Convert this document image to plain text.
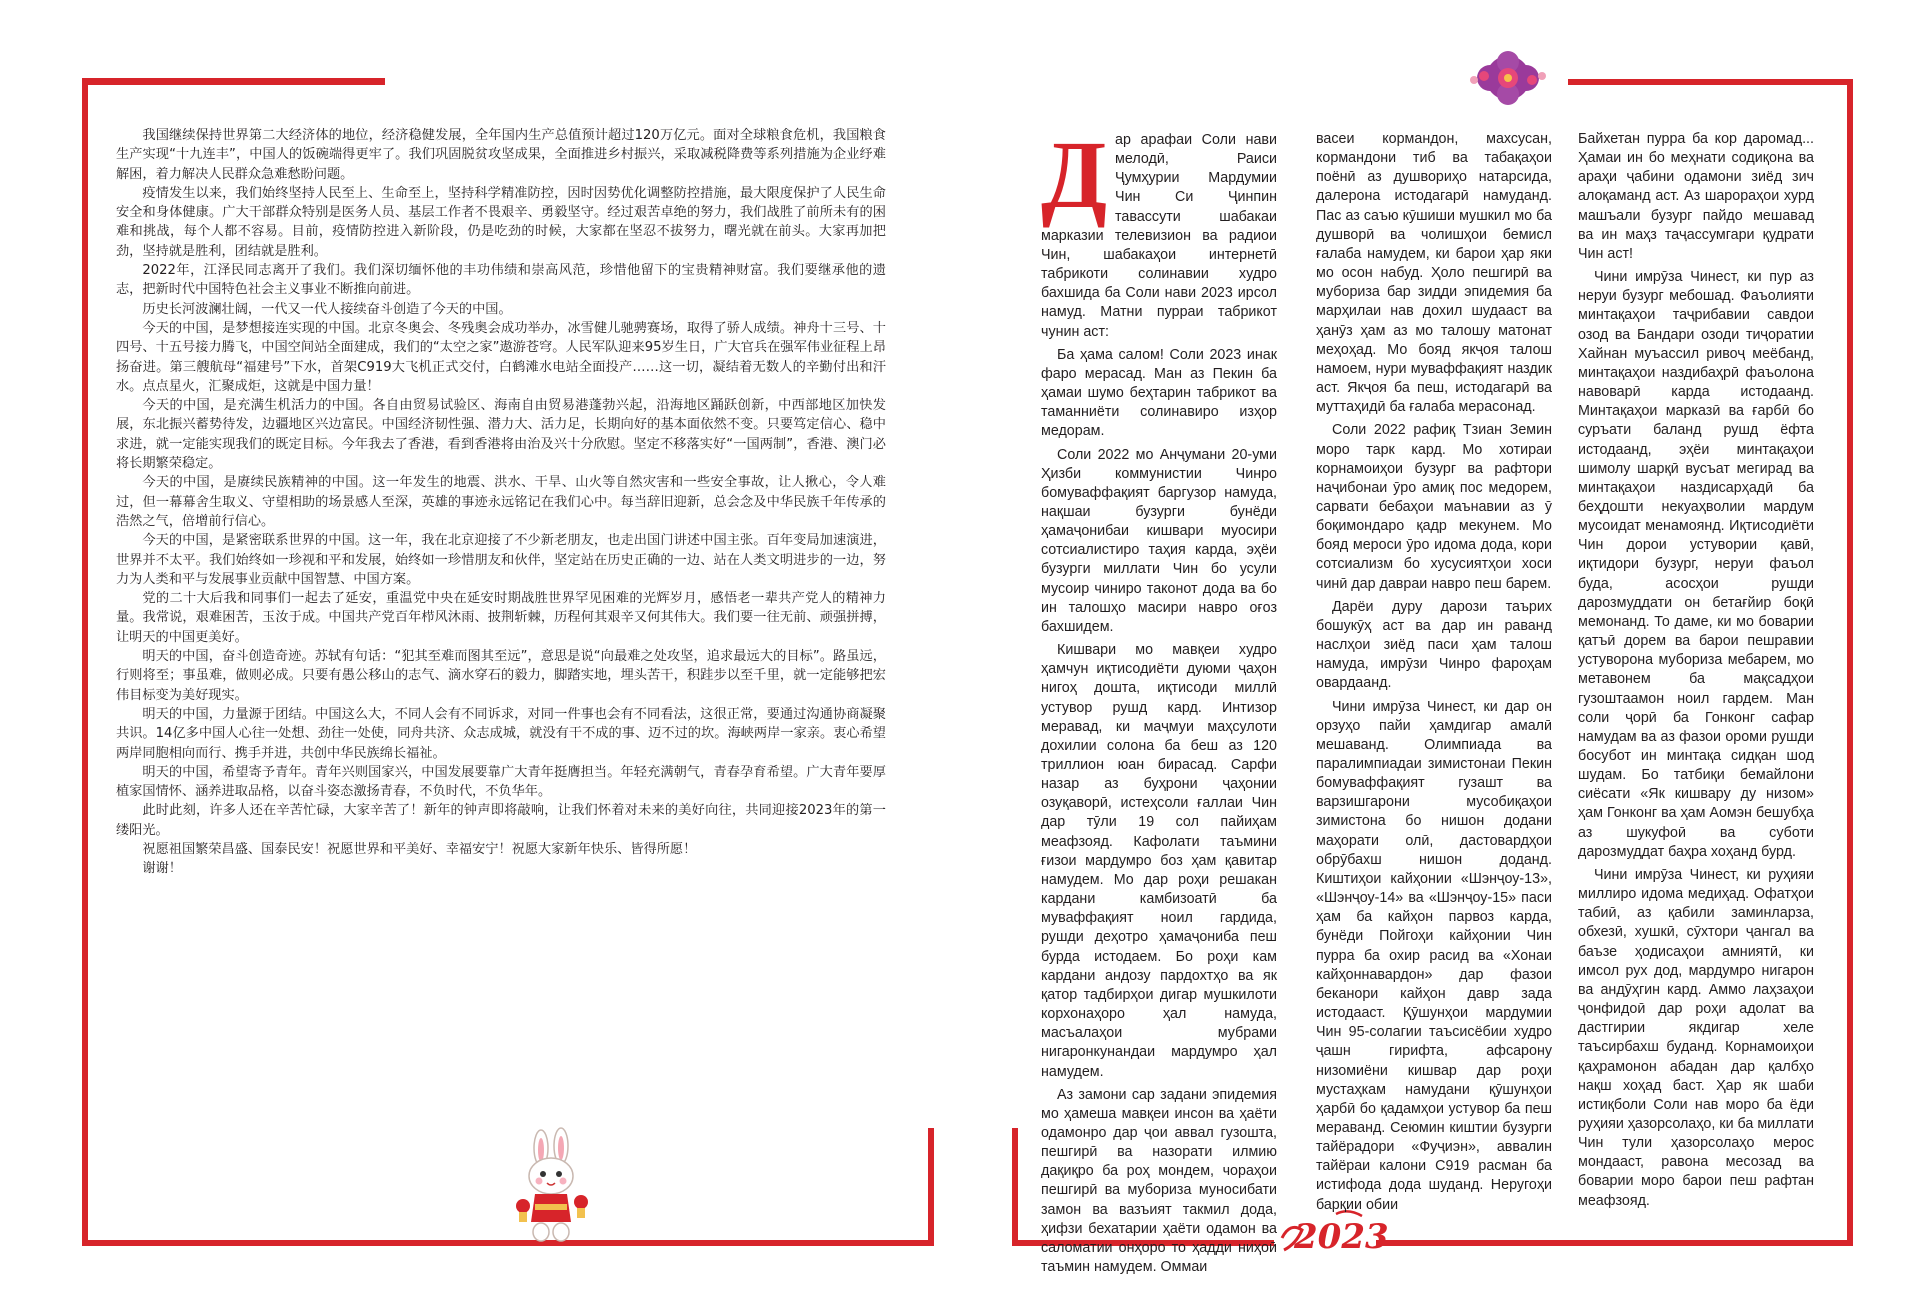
我国继续保持世界第二大经济体的地位，经济稳健发展，全年国内生产总值预计超过120万亿元。面对全球粮食危机，我国粮食生产实现“十九连丰”，中国人的饭碗端得更牢了。我们巩固脱贫攻坚成果，全面推进乡村振兴，采取减税降费等系列措施为企业纾难解困，着力解决人民群众急难愁盼问题。

疫情发生以来，我们始终坚持人民至上、生命至上，坚持科学精准防控，因时因势优化调整防控措施，最大限度保护了人民生命安全和身体健康。广大干部群众特别是医务人员、基层工作者不畏艰辛、勇毅坚守。经过艰苦卓绝的努力，我们战胜了前所未有的困难和挑战，每个人都不容易。目前，疫情防控进入新阶段，仍是吃劲的时候，大家都在坚忍不拔努力，曙光就在前头。大家再加把劲，坚持就是胜利，团结就是胜利。

2022年，江泽民同志离开了我们。我们深切缅怀他的丰功伟绩和崇高风范，珍惜他留下的宝贵精神财富。我们要继承他的遗志，把新时代中国特色社会主义事业不断推向前进。

历史长河波澜壮阔，一代又一代人接续奋斗创造了今天的中国。

今天的中国，是梦想接连实现的中国。北京冬奥会、冬残奥会成功举办，冰雪健儿驰骋赛场，取得了骄人成绩。神舟十三号、十四号、十五号接力腾飞，中国空间站全面建成，我们的“太空之家”遨游苍穹。人民军队迎来95岁生日，广大官兵在强军伟业征程上昂扬奋进。第三艘航母“福建号”下水，首架C919大飞机正式交付，白鹤滩水电站全面投产……这一切，凝结着无数人的辛勤付出和汗水。点点星火，汇聚成炬，这就是中国力量！

今天的中国，是充满生机活力的中国。各自由贸易试验区、海南自由贸易港蓬勃兴起，沿海地区踊跃创新，中西部地区加快发展，东北振兴蓄势待发，边疆地区兴边富民。中国经济韧性强、潜力大、活力足，长期向好的基本面依然不变。只要笃定信心、稳中求进，就一定能实现我们的既定目标。今年我去了香港，看到香港将由治及兴十分欣慰。坚定不移落实好“一国两制”，香港、澳门必将长期繁荣稳定。

今天的中国，是赓续民族精神的中国。这一年发生的地震、洪水、干旱、山火等自然灾害和一些安全事故，让人揪心，令人难过，但一幕幕舍生取义、守望相助的场景感人至深，英雄的事迹永远铭记在我们心中。每当辞旧迎新，总会念及中华民族千年传承的浩然之气，倍增前行信心。

今天的中国，是紧密联系世界的中国。这一年，我在北京迎接了不少新老朋友，也走出国门讲述中国主张。百年变局加速演进，世界并不太平。我们始终如一珍视和平和发展，始终如一珍惜朋友和伙伴，坚定站在历史正确的一边、站在人类文明进步的一边，努力为人类和平与发展事业贡献中国智慧、中国方案。

党的二十大后我和同事们一起去了延安，重温党中央在延安时期战胜世界罕见困难的光辉岁月，感悟老一辈共产党人的精神力量。我常说，艰难困苦，玉汝于成。中国共产党百年栉风沐雨、披荆斩棘，历程何其艰辛又何其伟大。我们要一往无前、顽强拼搏，让明天的中国更美好。

明天的中国，奋斗创造奇迹。苏轼有句话：“犯其至难而图其至远”，意思是说“向最难之处攻坚，追求最远大的目标”。路虽远，行则将至；事虽难，做则必成。只要有愚公移山的志气、滴水穿石的毅力，脚踏实地，埋头苦干，积跬步以至千里，就一定能够把宏伟目标变为美好现实。

明天的中国，力量源于团结。中国这么大，不同人会有不同诉求，对同一件事也会有不同看法，这很正常，要通过沟通协商凝聚共识。14亿多中国人心往一处想、劲往一处使，同舟共济、众志成城，就没有干不成的事、迈不过的坎。海峡两岸一家亲。衷心希望两岸同胞相向而行、携手并进，共创中华民族绵长福祉。

明天的中国，希望寄予青年。青年兴则国家兴，中国发展要靠广大青年挺膺担当。年轻充满朝气，青春孕育希望。广大青年要厚植家国情怀、涵养进取品格，以奋斗姿态激扬青春，不负时代，不负华年。

此时此刻，许多人还在辛苦忙碌，大家辛苦了！新年的钟声即将敲响，让我们怀着对未来的美好向往，共同迎接2023年的第一缕阳光。

祝愿祖国繁荣昌盛、国泰民安！祝愿世界和平美好、幸福安宁！祝愿大家新年快乐、皆得所愿！

谢谢！

2023

Дар арафаи Соли нави мелодӣ, Раиси Ҷумҳурии Мардумии Чин Си Ҷинпин тавассути шабакаи марказии телевизион ва радиои Чин, шабакаҳои интернетӣ табрикоти солинавии худро бахшида ба Соли нави 2023 ирсол намуд. Матни пурраи табрикот чунин аст:

Ба ҳама салом! Соли 2023 инак фаро мерасад. Ман аз Пекин ба ҳамаи шумо беҳтарин табрикот ва таманниёти солинавиро изҳор медорам.

Соли 2022 мо Анҷумани 20-уми Ҳизби коммунистии Чинро бомуваффақият баргузор намуда, нақшаи бузурги бунёди ҳамаҷонибаи кишвари муосири сотсиалистиро таҳия карда, эҳёи бузурги миллати Чин бо усули мусоир чиниро таконот дода ва бо ин талошҳо масири навро оғоз бахшидем.

Кишвари мо мавқеи худро ҳамчун иқтисодиёти дуюми ҷаҳон нигоҳ дошта, иқтисоди миллӣ устувор рушд кард. Интизор меравад, ки маҷмуи маҳсулоти дохилии солона ба беш аз 120 триллион юан бирасад. Сарфи назар аз буҳрони ҷаҳонии озуқаворӣ, истеҳсоли ғаллаи Чин дар тӯли 19 сол пайиҳам меафзояд. Кафолати таъмини ғизои мардумро боз ҳам қавитар намудем. Мо дар роҳи решакан кардани камбизоатӣ ба муваффақият ноил гардида, рушди деҳотро ҳамаҷониба пеш бурда истодаем. Бо роҳи кам кардани андозу пардохтҳо ва як қатор тадбирҳои дигар мушкилоти корхонаҳоро ҳал намуда, масъалаҳои мубрами нигаронкунандаи мардумро ҳал намудем.

Аз замони сар задани эпидемия мо ҳамеша мавқеи инсон ва ҳаёти одамонро дар ҷои аввал гузошта, пешгирӣ ва назорати илмию дақиқро ба роҳ мондем, чораҳои пешгирӣ ва мубориза муносибати замон ва вазъият такмил дода, ҳифзи бехатарии ҳаёти одамон ва саломатии онҳоро то ҳадди ниҳоӣ таъмин намудем. Оммаи

васеи кормандон, махсусан, кормандони тиб ва табақаҳои поёнӣ аз душвориҳо натарсида, далерона истодагарӣ намуданд. Пас аз саъю кӯшиши мушкил мо ба душворӣ ва чолишҳои бемисл ғалаба намудем, ки барои ҳар яки мо осон набуд. Ҳоло пешгирӣ ва мубориза бар зидди эпидемия ба марҳилаи нав дохил шудааст ва ҳанӯз ҳам аз мо талошу матонат меҳоҳад. Мо бояд якҷоя талош намоем, нури муваффақият наздик аст. Якҷоя ба пеш, истодагарӣ ва муттаҳидӣ ба ғалаба мерасонад.

Соли 2022 рафиқ Тзиан Земин моро тарк кард. Мо хотираи корнамоиҳои бузург ва рафтори наҷибонаи ӯро амиқ пос медорем, сарвати бебаҳои маънавии аз ӯ боқимондаро қадр мекунем. Мо бояд мероси ӯро идома дода, кори сотсиализм бо хусусиятҳои хоси чинӣ дар даврaи навро пеш барем.

Дарёи дуру дарози таърих бошукӯҳ аст ва дар ин раванд наслҳои зиёд паси ҳам талош намуда, имрӯзи Чинро фароҳам овардаанд.

Чини имрӯза Чинест, ки дар он орзуҳо пайи ҳамдигар амалӣ мешаванд. Олимпиада ва паралимпиадаи зимистонаи Пекин бомуваффақият гузашт ва варзишгарони мусобиқаҳои зимистона бо нишон додани маҳорати олӣ, дастовардҳои обрӯбахш нишон доданд. Киштиҳои кайҳонии «Шэнҷоу-13», «Шэнҷоу-14» ва «Шэнҷоу-15» паси ҳам ба кайҳон парвоз карда, бунёди Пойгоҳи кайҳонии Чин пурра ба охир расид ва «Хонаи кайҳоннавардон» дар фазои беканори кайҳон давр зада истодааст. Қӯшунҳои мардумии Чин 95-солагии таъсисёбии худро ҷашн гирифта, афсарону низомиёни кишвар дар роҳи мустаҳкам намудани қӯшунҳои ҳарбӣ бо қадамҳои устувор ба пеш мераванд. Сеюмин киштии бузурги тайёрадори «Фуҷиэн», аввалин тайёраи калони C919 расман ба истифода дода шуданд. Неругоҳи барқии обии

Байхетан пурра ба кор даромад... Ҳамаи ин бо меҳнати содиқона ва араҳи ҷабини одамони зиёд зич алоқаманд аст. Аз шарораҳои хурд машъали бузург пайдо мешавад ва ин маҳз таҷассумгари қудрати Чин аст!

Чини имрӯза Чинест, ки пур аз неруи бузург мебошад. Фаъолияти минтақаҳои таҷрибавии савдои озод ва Бандари озоди тиҷоратии Хайнан муъассил ривоҷ меёбанд, минтақаҳои наздибаҳрӣ фаъолона навоварӣ карда истодаанд. Минтақаҳои марказӣ ва ғарбӣ бо суръати баланд рушд ёфта истодаанд, эҳёи минтақаҳои шимолу шарқӣ вусъат мегирад ва минтақаҳои наздисарҳадӣ ба беҳдошти некуаҳволии мардум мусоидат менамоянд. Иқтисодиёти Чин дорои устувории қавӣ, иқтидори бузург, неруи фаъол буда, асосҳои рушди дарозмуддати он бетағйир боқӣ мемонанд. То даме, ки мо боварии қатъӣ дорем ва барои пешравии устуворона мубориза мебарем, мо метавонем ба мақсадҳои гузоштаамон ноил гардем. Ман соли ҷорӣ ба Гонконг сафар намудам ва аз фазои ороми рушди босубот ин минтақа сидқан шод шудам. Бо татбиқи бемайлони сиёсати «Як кишвару ду низом» ҳам Гонконг ва ҳам Аомэн бешубҳа аз шукуфоӣ ва суботи дарозмуддат баҳра хоҳанд бурд.

Чини имрӯза Чинест, ки руҳияи миллиро идома медиҳад. Офатҳои табиӣ, аз қабили заминларза, обхезӣ, хушкӣ, сӯхтори ҷангал ва баъзе ҳодисаҳои амниятӣ, ки имсол рух дод, мардумро нигарон ва андӯҳгин кард. Аммо лаҳзаҳои ҷонфидоӣ дар роҳи адолат ва дастгирии якдигар хеле таъсирбахш буданд. Корнамоиҳои қаҳрамонон абадан дар қалбҳо нақш хоҳад баст. Ҳар як шаби истиқболи Соли нав моро ба ёди руҳияи ҳазорсолаҳо, ки ба миллати Чин тули ҳазорсолаҳо мерос мондааст, равона месозад ва боварии моро барои пеш рафтан меафзояд.
